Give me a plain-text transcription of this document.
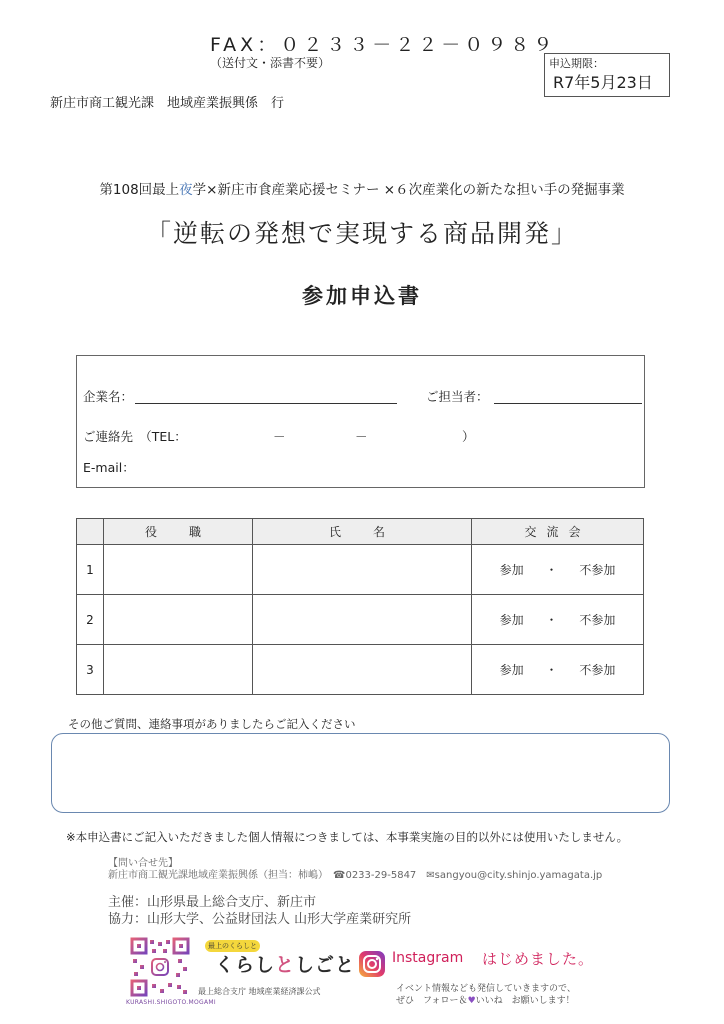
FAX：０２３３－２２－０９８９
（送付文・添書不要）	申込期限：
R7年5月23日
新庄市商工観光課　地域産業振興係　行
第108回最上夜学×新庄市食産業応援セミナー ×６次産業化の新たな担い手の発掘事業
「逆転の発想で実現する商品開発」
参加申込書
企業名：	ご担当者：
ご連絡先　（TEL：	－	－	）
E-mail：
	役　職	氏　名	交流会
1			参加 ・ 不参加
2			参加 ・ 不参加
3			参加 ・ 不参加
その他ご質問、連絡事項がありましたらご記入ください
※本申込書にご記入いただきました個人情報につきましては、本事業実施の目的以外には使用いたしません。
【問い合せ先】
新庄市商工観光課地域産業振興係（担当：柿嶋）　☎0233-29-5847　✉sangyou@city.shinjo.yamagata.jp
主催：山形県最上総合支庁、新庄市
協力：山形大学、公益財団法人 山形大学産業研究所
KURASHI.SHIGOTO.MOGAMI
最上のくらしと
くらしとしごと
最上総合支庁 地域産業経済課公式
Instagram はじめました。
イベント情報なども発信していきますので、
ぜひ　フォロー＆♥いいね　お願いします！
